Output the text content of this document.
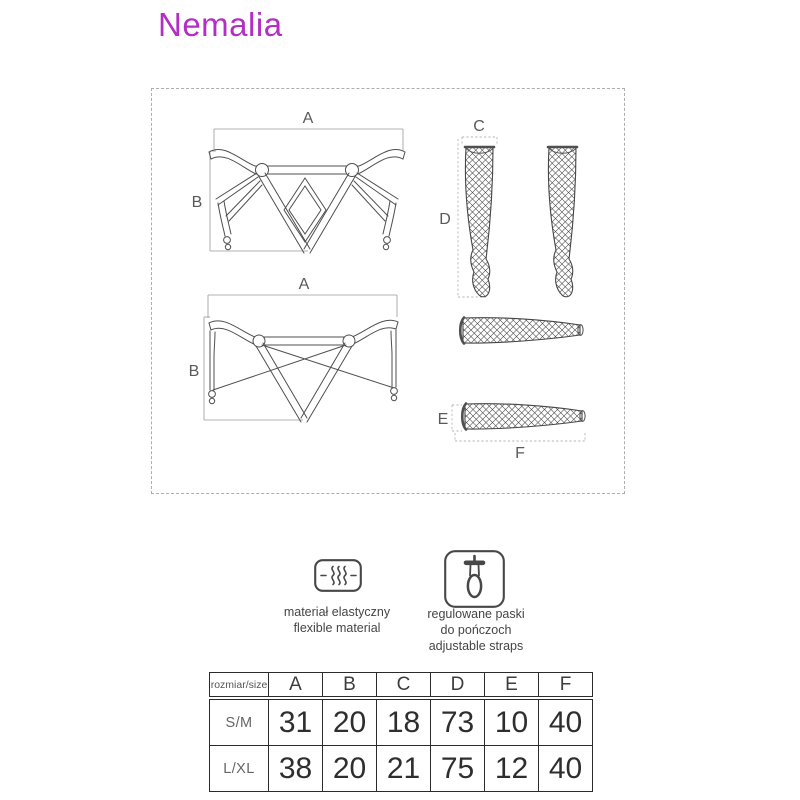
Nemalia
A
B
A
B
C
D
E
F
materiał elastyczny
flexible material
regulowane paski
do pończoch
adjustable straps
rozmiar/size	A	B	C	D	E	F
S/M 31 20 18 73 10 40
L/XL 38 20 21 75 12 40
